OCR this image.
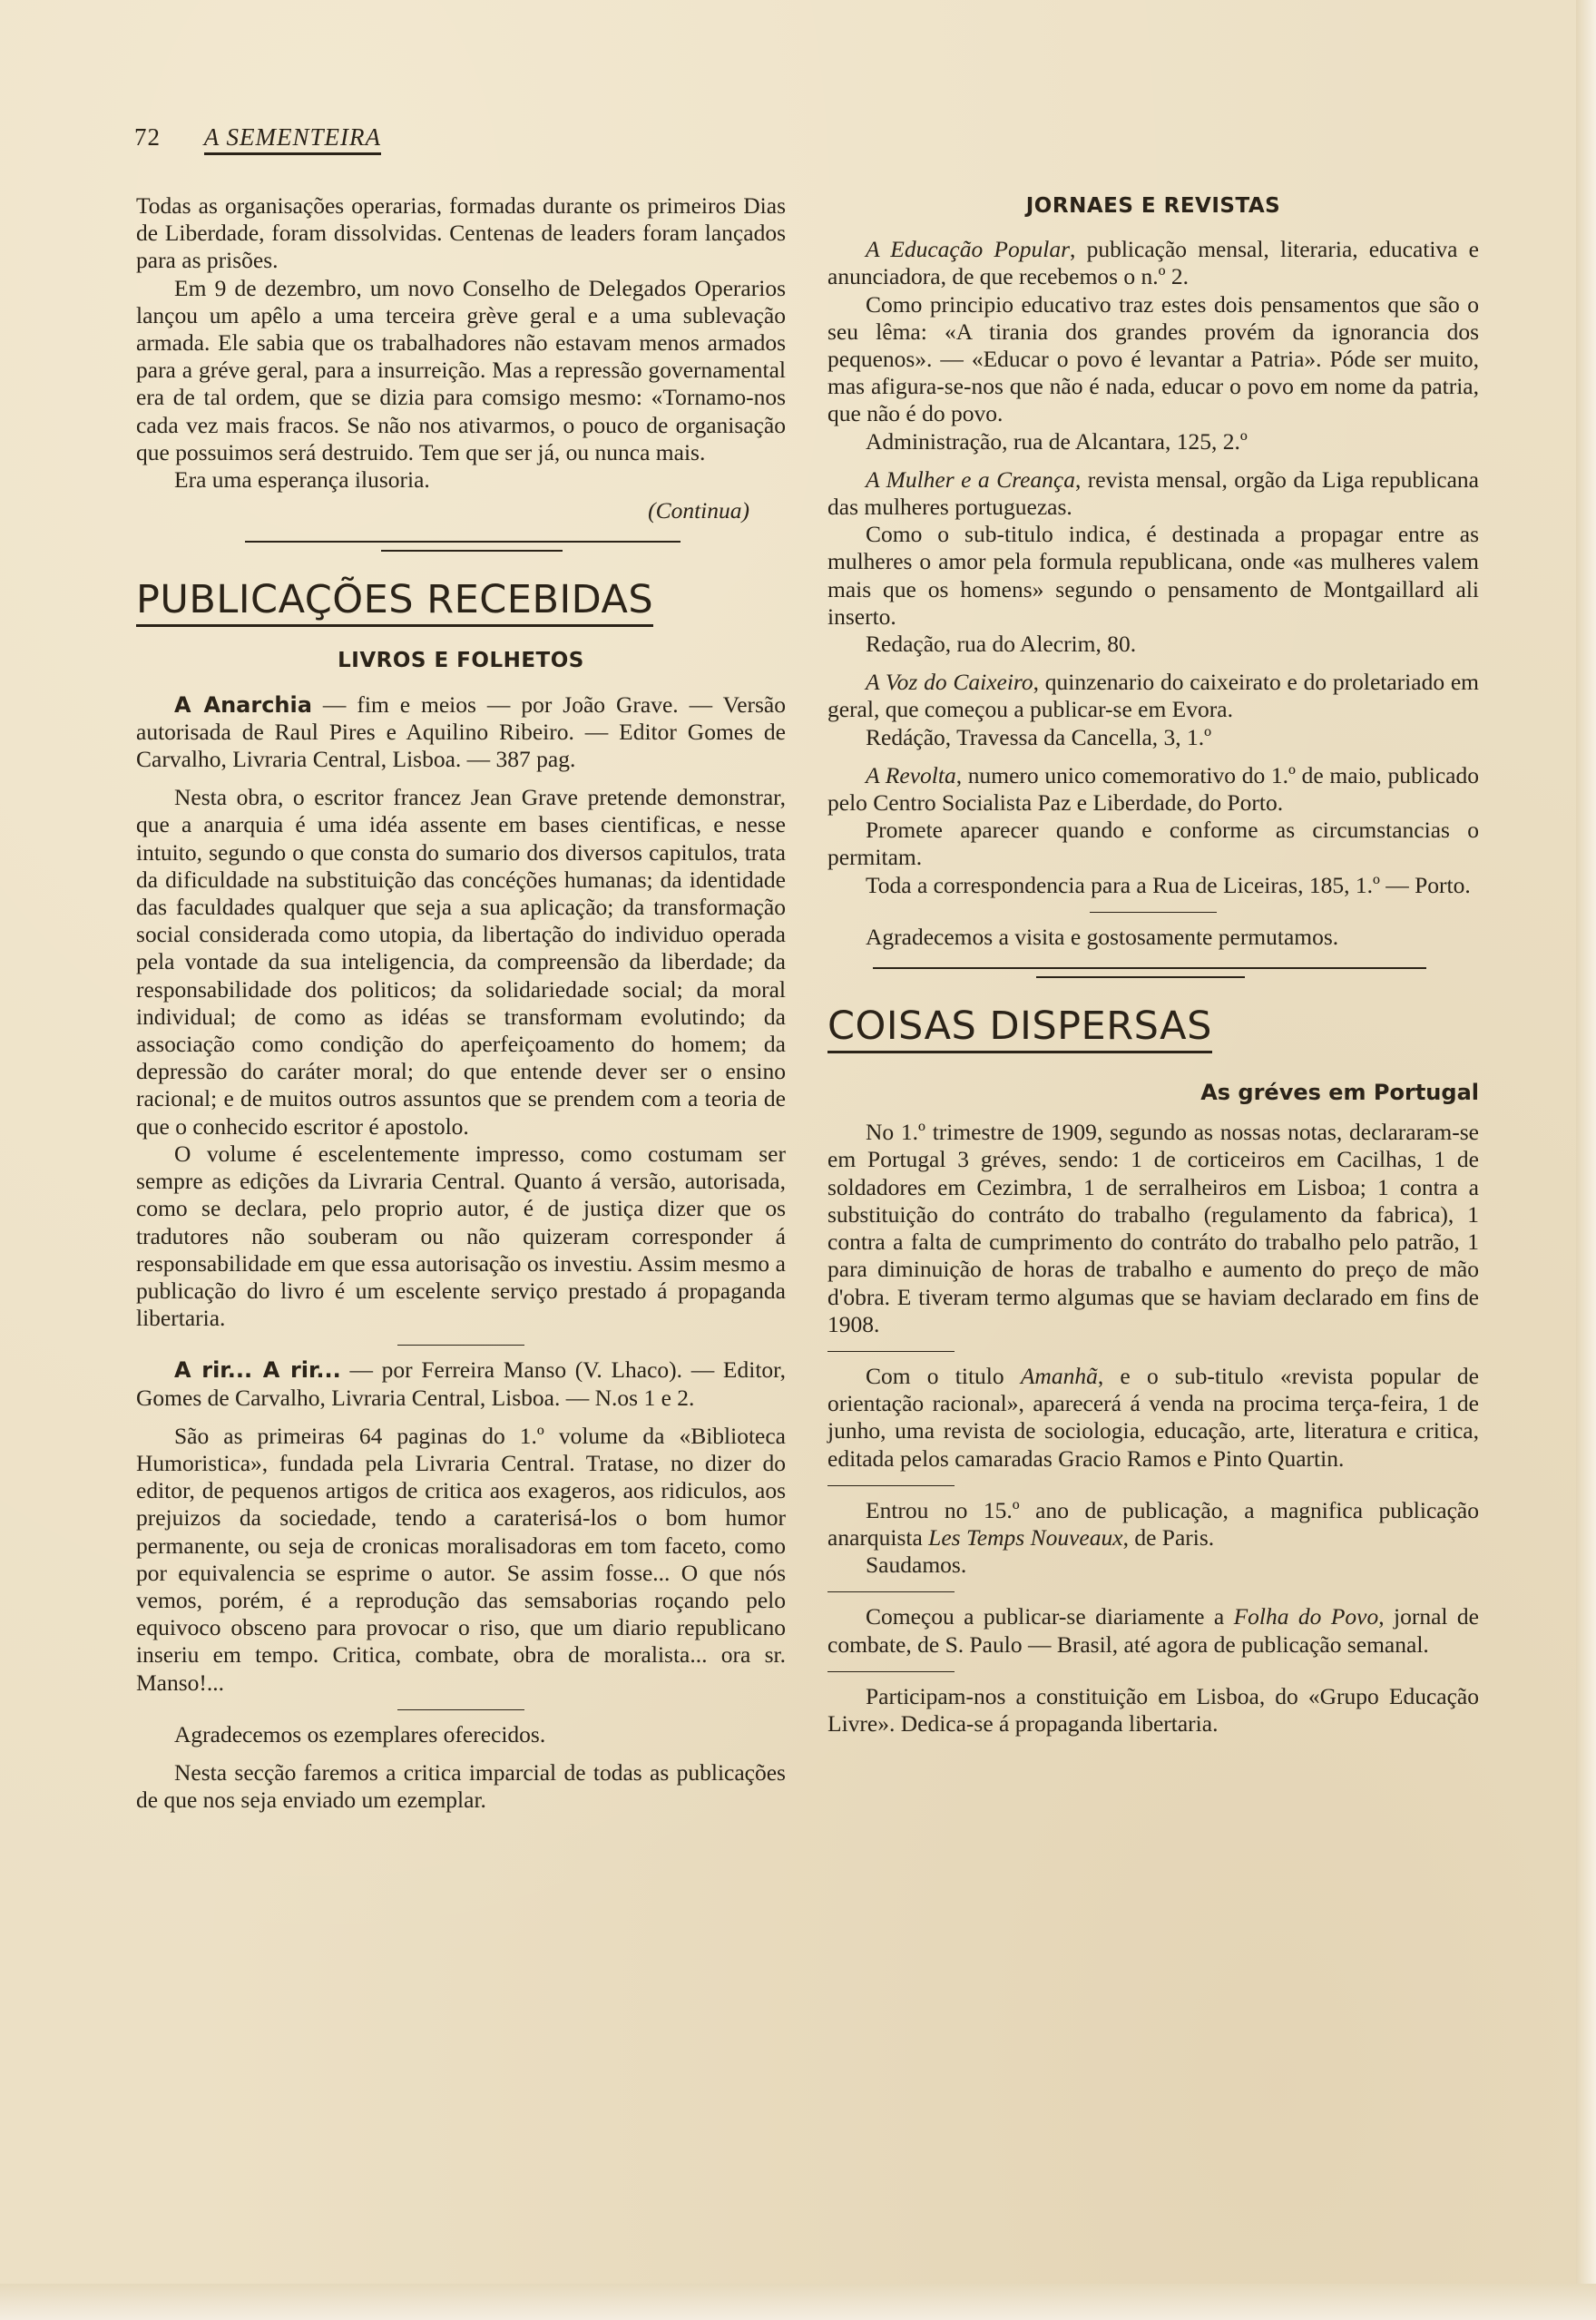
72 A SEMENTEIRA

Todas as organisações operarias, formadas durante os primeiros Dias de Liberdade, foram dissolvidas. Centenas de leaders foram lançados para as prisões.

Em 9 de dezembro, um novo Conselho de Delegados Operarios lançou um apêlo a uma terceira grève geral e a uma sublevação armada. Ele sabia que os trabalhadores não estavam menos armados para a gréve geral, para a insurreição. Mas a repressão governamental era de tal ordem, que se dizia para comsigo mesmo: «Tornamo-nos cada vez mais fracos. Se não nos ativarmos, o pouco de organisação que possuimos será destruido. Tem que ser já, ou nunca mais.

Era uma esperança ilusoria.

(Continua)
PUBLICAÇÕES RECEBIDAS
LIVROS E FOLHETOS

A Anarchia — fim e meios — por João Grave. — Versão autorisada de Raul Pires e Aquilino Ribeiro. — Editor Gomes de Carvalho, Livraria Central, Lisboa. — 387 pag.

Nesta obra, o escritor francez Jean Grave pretende demonstrar, que a anarquia é uma idéa assente em bases cientificas, e nesse intuito, segundo o que consta do sumario dos diversos capitulos, trata da dificuldade na substituição das concéções humanas; da identidade das faculdades qualquer que seja a sua aplicação; da transformação social considerada como utopia, da libertação do individuo operada pela vontade da sua inteligencia, da compreensão da liberdade; da responsabilidade dos politicos; da solidariedade social; da moral individual; de como as idéas se transformam evolutindo; da associação como condição do aperfeiçoamento do homem; da depressão do caráter moral; do que entende dever ser o ensino racional; e de muitos outros assuntos que se prendem com a teoria de que o conhecido escritor é apostolo.

O volume é escelentemente impresso, como costumam ser sempre as edições da Livraria Central. Quanto á versão, autorisada, como se declara, pelo proprio autor, é de justiça dizer que os tradutores não souberam ou não quizeram corresponder á responsabilidade em que essa autorisação os investiu. Assim mesmo a publicação do livro é um escelente serviço prestado á propaganda libertaria.

A rir... A rir... — por Ferreira Manso (V. Lhaco). — Editor, Gomes de Carvalho, Livraria Central, Lisboa. — N.os 1 e 2.

São as primeiras 64 paginas do 1.º volume da «Biblioteca Humoristica», fundada pela Livraria Central. Tratase, no dizer do editor, de pequenos artigos de critica aos exageros, aos ridiculos, aos prejuizos da sociedade, tendo a caraterisá-los o bom humor permanente, ou seja de cronicas moralisadoras em tom faceto, como por equivalencia se esprime o autor. Se assim fosse... O que nós vemos, porém, é a reprodução das semsaborias roçando pelo equivoco obsceno para provocar o riso, que um diario republicano inseriu em tempo. Critica, combate, obra de moralista... ora sr. Manso!...

Agradecemos os ezemplares oferecidos.

Nesta secção faremos a critica imparcial de todas as publicações de que nos seja enviado um ezemplar.

JORNAES E REVISTAS

A Educação Popular, publicação mensal, literaria, educativa e anunciadora, de que recebemos o n.º 2.

Como principio educativo traz estes dois pensamentos que são o seu lêma: «A tirania dos grandes provém da ignorancia dos pequenos». — «Educar o povo é levantar a Patria». Póde ser muito, mas afigura-se-nos que não é nada, educar o povo em nome da patria, que não é do povo.

Administração, rua de Alcantara, 125, 2.º

A Mulher e a Creança, revista mensal, orgão da Liga republicana das mulheres portuguezas.

Como o sub-titulo indica, é destinada a propagar entre as mulheres o amor pela formula republicana, onde «as mulheres valem mais que os homens» segundo o pensamento de Montgaillard ali inserto.

Redação, rua do Alecrim, 80.

A Voz do Caixeiro, quinzenario do caixeirato e do proletariado em geral, que começou a publicar-se em Evora.

Redáção, Travessa da Cancella, 3, 1.º

A Revolta, numero unico comemorativo do 1.º de maio, publicado pelo Centro Socialista Paz e Liberdade, do Porto.

Promete aparecer quando e conforme as circumstancias o permitam.

Toda a correspondencia para a Rua de Liceiras, 185, 1.º — Porto.

Agradecemos a visita e gostosamente permutamos.

COISAS DISPERSAS
As gréves em Portugal

No 1.º trimestre de 1909, segundo as nossas notas, declararam-se em Portugal 3 gréves, sendo: 1 de corticeiros em Cacilhas, 1 de soldadores em Cezimbra, 1 de serralheiros em Lisboa; 1 contra a substituição do contráto do trabalho (regulamento da fabrica), 1 contra a falta de cumprimento do contráto do trabalho pelo patrão, 1 para diminuição de horas de trabalho e aumento do preço de mão d'obra. E tiveram termo algumas que se haviam declarado em fins de 1908.

Com o titulo Amanhã, e o sub-titulo «revista popular de orientação racional», aparecerá á venda na procima terça-feira, 1 de junho, uma revista de sociologia, educação, arte, literatura e critica, editada pelos camaradas Gracio Ramos e Pinto Quartin.

Entrou no 15.º ano de publicação, a magnifica publicação anarquista Les Temps Nouveaux, de Paris.

Saudamos.

Começou a publicar-se diariamente a Folha do Povo, jornal de combate, de S. Paulo — Brasil, até agora de publicação semanal.

Participam-nos a constituição em Lisboa, do «Grupo Educação Livre». Dedica-se á propaganda libertaria.
